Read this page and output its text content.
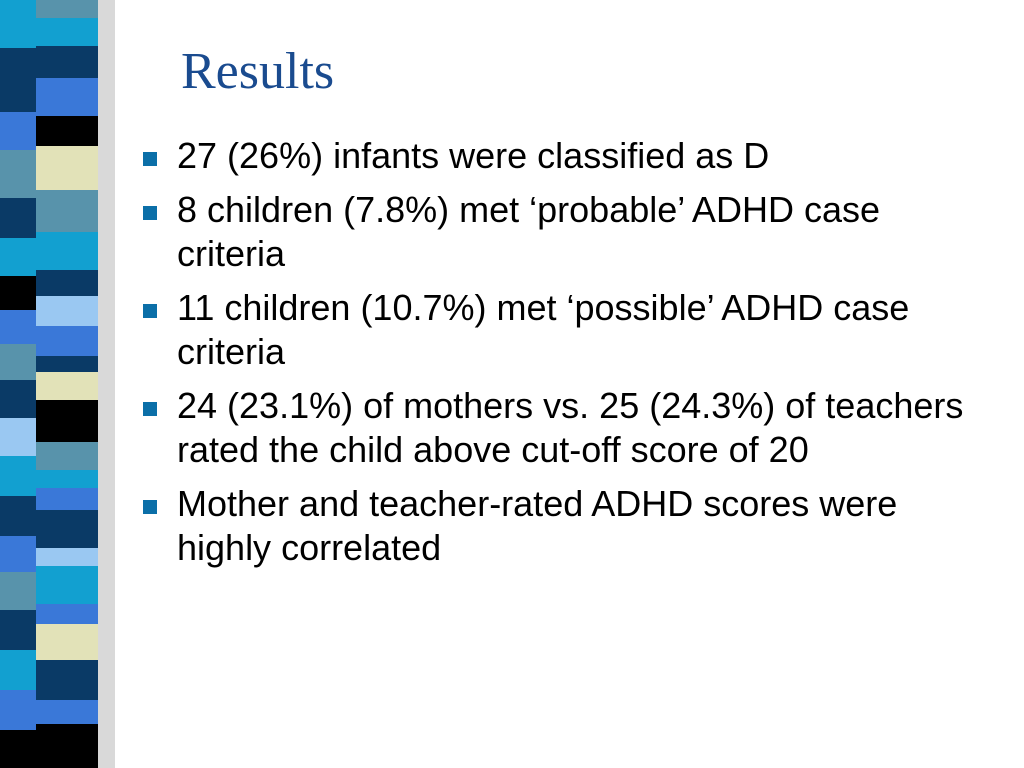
Results
27 (26%) infants were classified as D
8 children (7.8%) met ‘probable’ ADHD case criteria
11 children (10.7%) met ‘possible’ ADHD case criteria
24 (23.1%) of mothers vs. 25 (24.3%) of teachers rated the child above cut-off score of 20
Mother and teacher-rated ADHD scores were highly correlated
